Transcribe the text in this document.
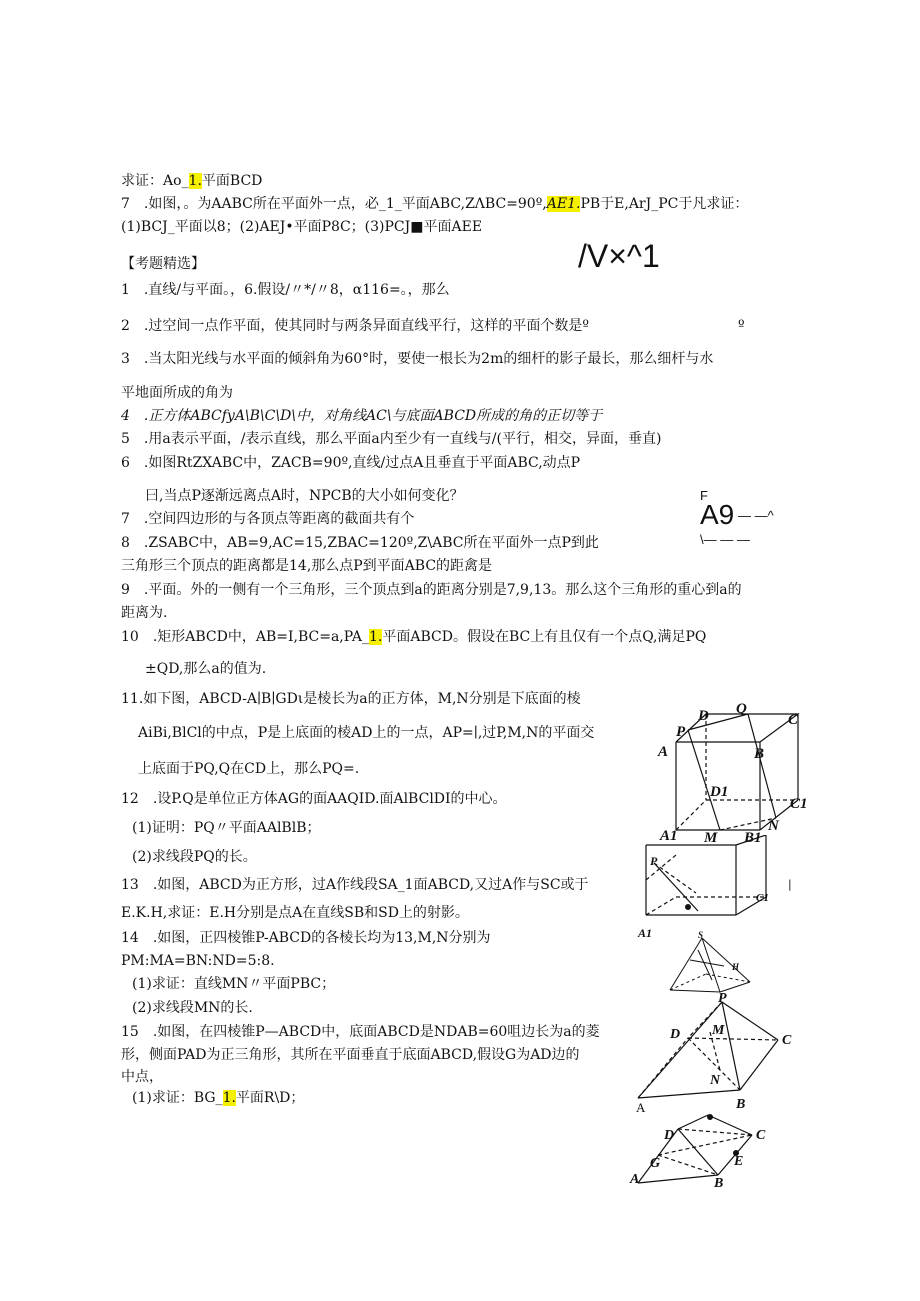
求证：Ao_1.平面BCD
7　.如图，。为AABC所在平面外一点，必_1_平面ABC,ZΛBC=90º,AE1.PB于E,ArJ_PC于凡求证：
(1)BCJ_平面以8；(2)AEJ•平面P8C；(3)PCJ■平面AEE
【考题精选】	/V×^1
1　.直线/与平面。，6.假设/〃*/〃8，α116=。，那么
2　.过空间一点作平面，使其同时与两条异面直线平行，这样的平面个数是º	º
3　.当太阳光线与水平面的倾斜角为60°时，要使一根长为2m的细杆的影子最长，那么细杆与水
平地面所成的角为
4　.正方体ABCfyA\B\C\D\中，对角线AC\与底面ABCD所成的角的正切等于
5　.用a表示平面，/表示直线，那么平面a内至少有一直线与/(平行，相交，异面，垂直)
6　.如图RtZXABC中，ZACB=90º,直线/过点A且垂直于平面ABC,动点P
曰,当点P逐渐远离点A时，NPCB的大小如何变化？	F
A9 — —^
\— — —
7　.空间四边形的与各顶点等距离的截面共有个
8　.ZSABC中，AB=9,AC=15,ZBAC=120º,Z\ABC所在平面外一点P到此
三角形三个顶点的距离都是14,那么点P到平面ABC的距禽是
9　.平面。外的一侧有一个三角形，三个顶点到a的距离分别是7,9,13。那么这个三角形的重心到a的
距离为.
10　.矩形ABCD中，AB=I,BC=a,PA_1.平面ABCD。假设在BC上有且仅有一个点Q,满足PQ
±QD,那么a的值为.
11.如下图，ABCD-A∣B∣GDι是棱长为a的正方体，M,N分别是下底面的棱
AiBi,BlCl的中点，P是上底面的棱AD上的一点，AP=∣,过P,M,N的平面交
上底面于PQ,Q在CD上，那么PQ=.
12　.设P.Q是单位正方体AG的面AAQID.面AlBClDI的中心。
(1)证明：PQ〃平面AAlBlB；
(2)求线段PQ的长。
13　.如图，ABCD为正方形，过A作线段SA_1面ABCD,又过A作与SC或于
E.K.H,求证：E.H分别是点A在直线SB和SD上的射影。
14　.如图，正四棱锥P-ABCD的各棱长均为13,M,N分别为
PM:MA=BN:ND=5:8.
(1)求证：直线MN〃平面PBC；
(2)求线段MN的长.
15　.如图，在四棱锥P—ABCD中，底面ABCD是NDAB=60咀边长为a的菱
形，侧面PAD为正三角形，其所在平面垂直于底面ABCD,假设G为AD边的
中点，
(1)求证：BG_1.平面R\D；
D Q
C
P
A	B
D1
C1
A1 M B1
N
P
C1
A1
|
S
H
P
D M
C
N
A	B
D	C
E
G
A	B
